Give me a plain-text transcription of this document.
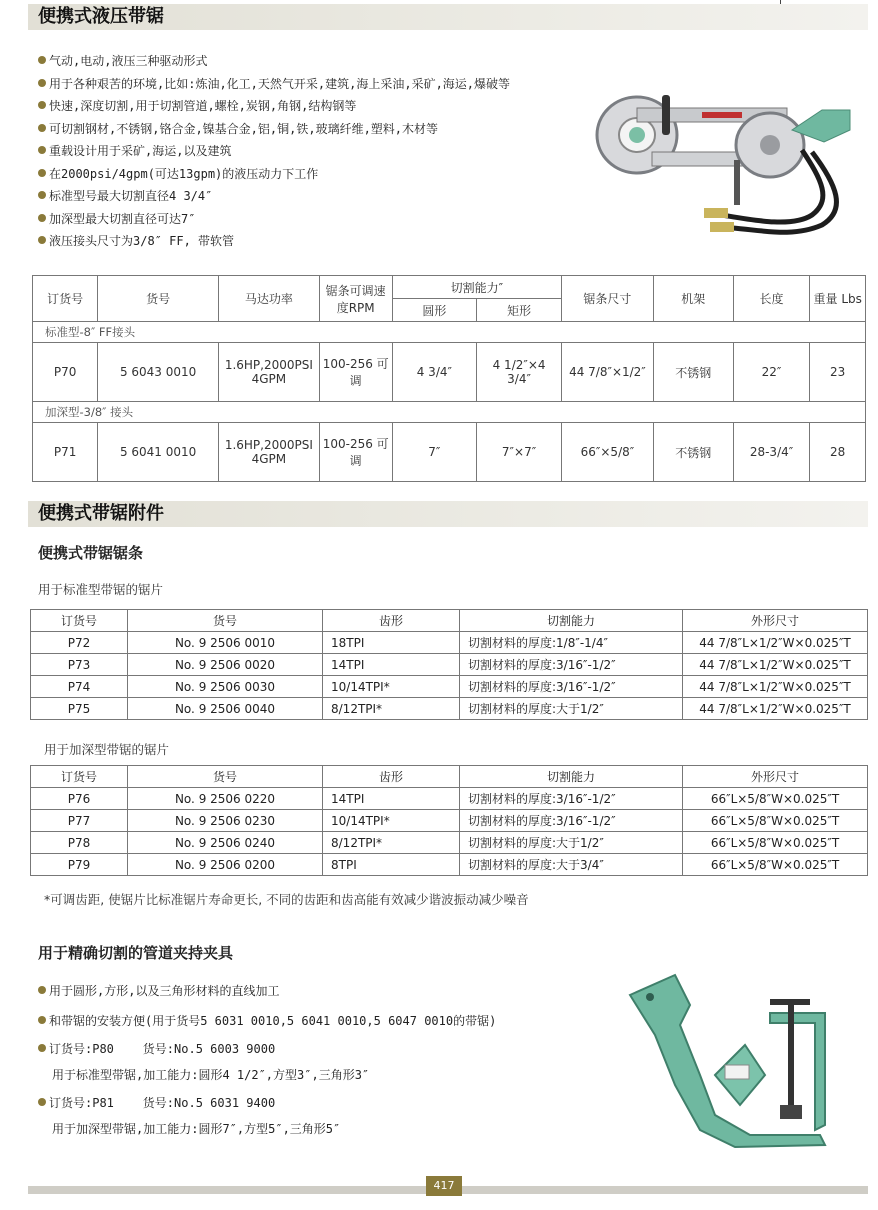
便携式液压带锯
气动,电动,液压三种驱动形式
用于各种艰苦的环境,比如:炼油,化工,天然气开采,建筑,海上采油,采矿,海运,爆破等
快速,深度切割,用于切割管道,螺栓,炭钢,角钢,结构钢等
可切割钢材,不锈钢,铬合金,镍基合金,铝,铜,铁,玻璃纤维,塑料,木材等
重载设计用于采矿,海运,以及建筑
在2000psi/4gpm(可达13gpm)的液压动力下工作
标准型号最大切割直径4 3/4″
加深型最大切割直径可达7″
液压接头尺寸为3/8″ FF, 带软管
订货号	货号	马达功率	锯条可调速度RPM	切割能力″		锯条尺寸	机架	长度	重量 Lbs
				圆形	矩形				
标准型-8″ FF接头									
P70	5 6043 0010	1.6HP,2000PSI 4GPM	100-256 可调	4 3/4″	4 1/2″×4 3/4″	44 7/8″×1/2″	不锈钢	22″	23
加深型-3/8″ 接头									
P71	5 6041 0010	1.6HP,2000PSI 4GPM	100-256 可调	7″	7″×7″	66″×5/8″	不锈钢	28-3/4″	28
便携式带锯附件
便携式带锯锯条
用于标准型带锯的锯片
订货号	货号	齿形	切割能力	外形尺寸
P72	No. 9 2506 0010	18TPI	切割材料的厚度:1/8″-1/4″	44 7/8″L×1/2″W×0.025″T
P73	No. 9 2506 0020	14TPI	切割材料的厚度:3/16″-1/2″	44 7/8″L×1/2″W×0.025″T
P74	No. 9 2506 0030	10/14TPI*	切割材料的厚度:3/16″-1/2″	44 7/8″L×1/2″W×0.025″T
P75	No. 9 2506 0040	8/12TPI*	切割材料的厚度:大于1/2″	44 7/8″L×1/2″W×0.025″T
用于加深型带锯的锯片
订货号	货号	齿形	切割能力	外形尺寸
P76	No. 9 2506 0220	14TPI	切割材料的厚度:3/16″-1/2″	66″L×5/8″W×0.025″T
P77	No. 9 2506 0230	10/14TPI*	切割材料的厚度:3/16″-1/2″	66″L×5/8″W×0.025″T
P78	No. 9 2506 0240	8/12TPI*	切割材料的厚度:大于1/2″	66″L×5/8″W×0.025″T
P79	No. 9 2506 0200	8TPI	切割材料的厚度:大于3/4″	66″L×5/8″W×0.025″T
*可调齿距, 使锯片比标准锯片寿命更长, 不同的齿距和齿高能有效减少谐波振动减少噪音
用于精确切割的管道夹持夹具
用于圆形,方形,以及三角形材料的直线加工
和带锯的安装方便(用于货号5 6031 0010,5 6041 0010,5 6047 0010的带锯)
订货号:P80    货号:No.5 6003 9000
用于标准型带锯,加工能力:圆形4 1/2″,方型3″,三角形3″
订货号:P81    货号:No.5 6031 9400
用于加深型带锯,加工能力:圆形7″,方型5″,三角形5″
417
